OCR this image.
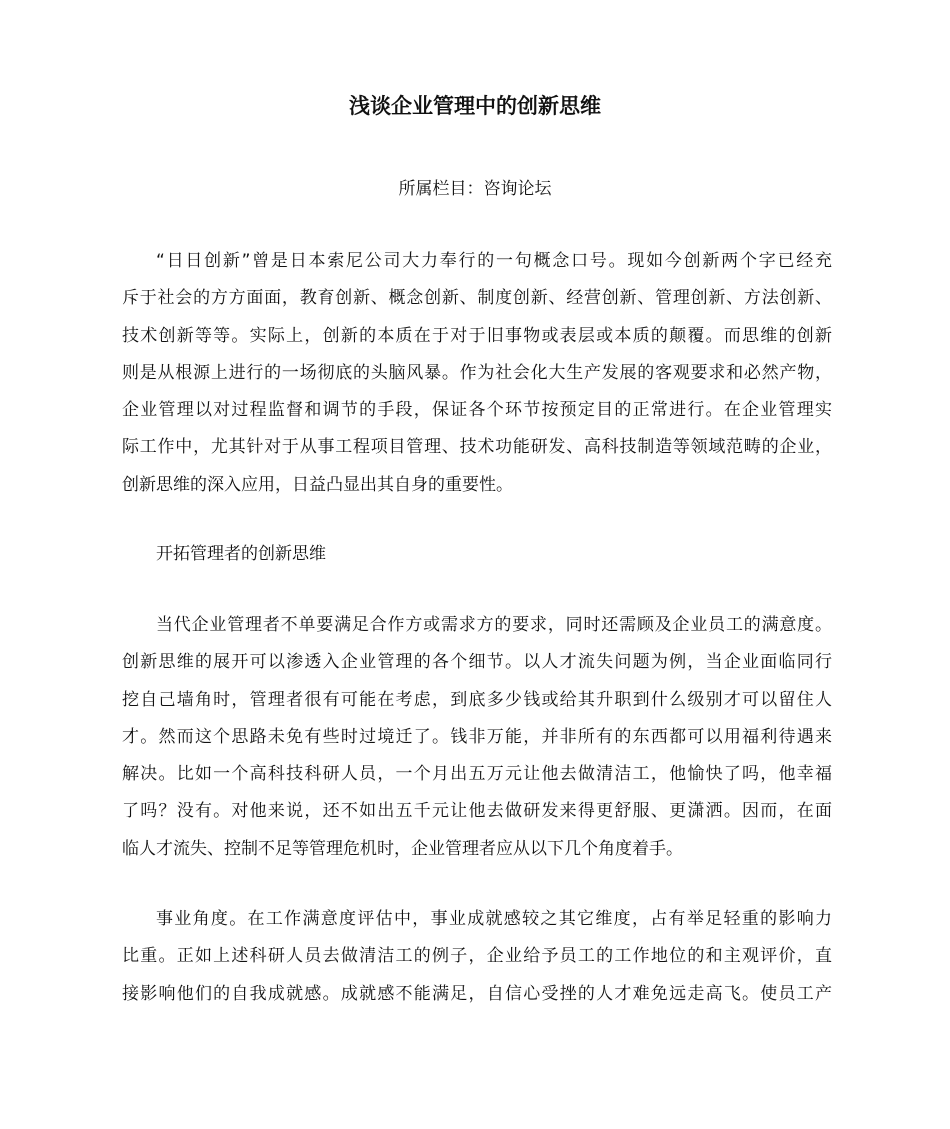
浅谈企业管理中的创新思维

所属栏目：咨询论坛

“日日创新”曾是日本索尼公司大力奉行的一句概念口号。现如今创新两个字已经充
斥于社会的方方面面，教育创新、概念创新、制度创新、经营创新、管理创新、方法创新、
技术创新等等。实际上，创新的本质在于对于旧事物或表层或本质的颠覆。而思维的创新
则是从根源上进行的一场彻底的头脑风暴。作为社会化大生产发展的客观要求和必然产物，
企业管理以对过程监督和调节的手段，保证各个环节按预定目的正常进行。在企业管理实
际工作中，尤其针对于从事工程项目管理、技术功能研发、高科技制造等领域范畴的企业，
创新思维的深入应用，日益凸显出其自身的重要性。

开拓管理者的创新思维

当代企业管理者不单要满足合作方或需求方的要求，同时还需顾及企业员工的满意度。
创新思维的展开可以渗透入企业管理的各个细节。以人才流失问题为例，当企业面临同行
挖自己墙角时，管理者很有可能在考虑，到底多少钱或给其升职到什么级别才可以留住人
才。然而这个思路未免有些时过境迁了。钱非万能，并非所有的东西都可以用福利待遇来
解决。比如一个高科技科研人员，一个月出五万元让他去做清洁工，他愉快了吗，他幸福
了吗？没有。对他来说，还不如出五千元让他去做研发来得更舒服、更潇洒。因而，在面
临人才流失、控制不足等管理危机时，企业管理者应从以下几个角度着手。

事业角度。在工作满意度评估中，事业成就感较之其它维度，占有举足轻重的影响力
比重。正如上述科研人员去做清洁工的例子，企业给予员工的工作地位的和主观评价，直
接影响他们的自我成就感。成就感不能满足，自信心受挫的人才难免远走高飞。使员工产
